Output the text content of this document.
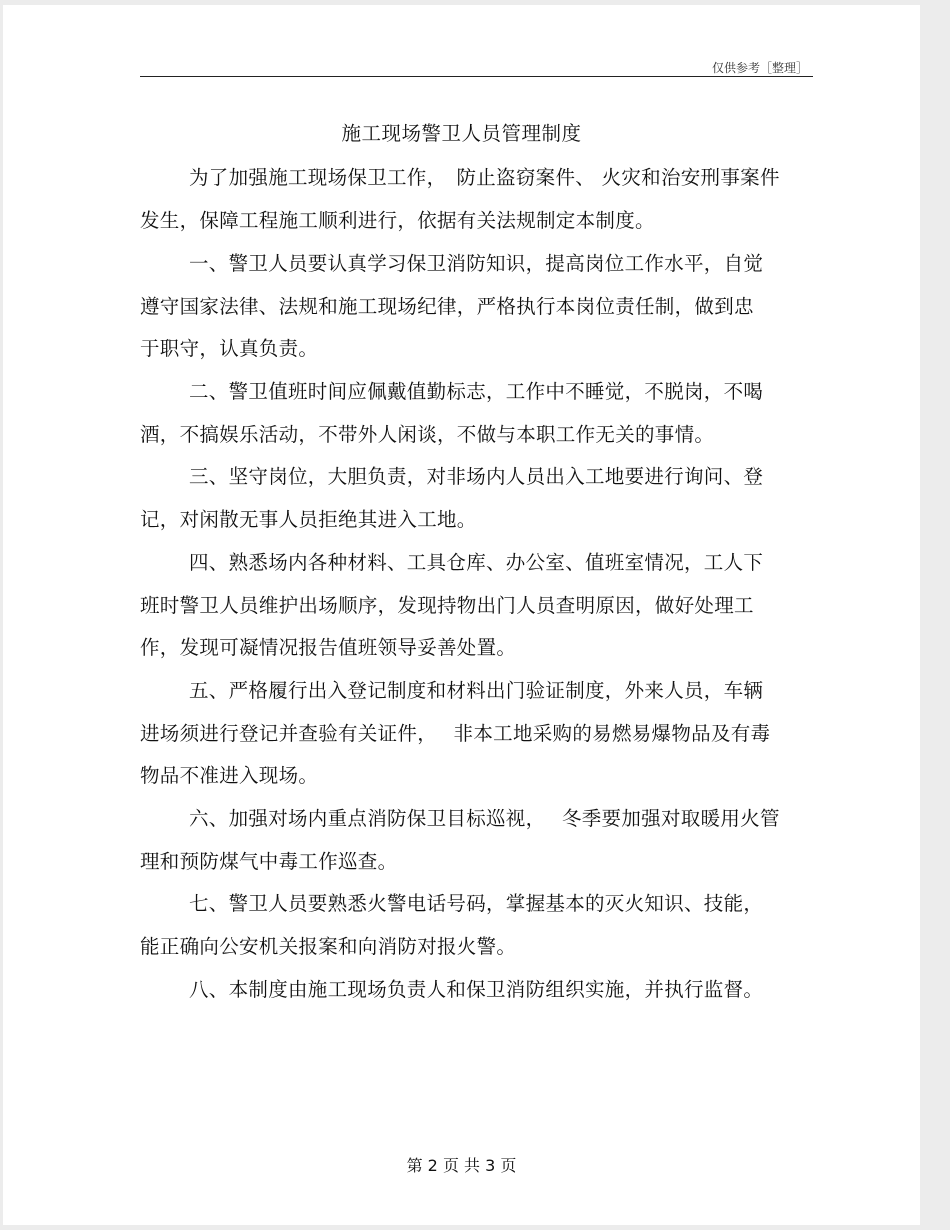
仅供参考［整理］
施工现场警卫人员管理制度
为了加强施工现场保卫工作，　防止盗窃案件、 火灾和治安刑事案件
发生，保障工程施工顺利进行，依据有关法规制定本制度。
一、警卫人员要认真学习保卫消防知识，提高岗位工作水平，自觉
遵守国家法律、法规和施工现场纪律，严格执行本岗位责任制，做到忠
于职守，认真负责。
二、警卫值班时间应佩戴值勤标志，工作中不睡觉，不脱岗，不喝
酒，不搞娱乐活动，不带外人闲谈，不做与本职工作无关的事情。
三、坚守岗位，大胆负责，对非场内人员出入工地要进行询问、登
记，对闲散无事人员拒绝其进入工地。
四、熟悉场内各种材料、工具仓库、办公室、值班室情况，工人下
班时警卫人员维护出场顺序，发现持物出门人员查明原因，做好处理工
作，发现可凝情况报告值班领导妥善处置。
五、严格履行出入登记制度和材料出门验证制度，外来人员，车辆
进场须进行登记并查验有关证件，　 非本工地采购的易燃易爆物品及有毒
物品不准进入现场。
六、加强对场内重点消防保卫目标巡视，　 冬季要加强对取暖用火管
理和预防煤气中毒工作巡查。
七、警卫人员要熟悉火警电话号码，掌握基本的灭火知识、技能，
能正确向公安机关报案和向消防对报火警。
八、本制度由施工现场负责人和保卫消防组织实施，并执行监督。
第 2 页 共 3 页
